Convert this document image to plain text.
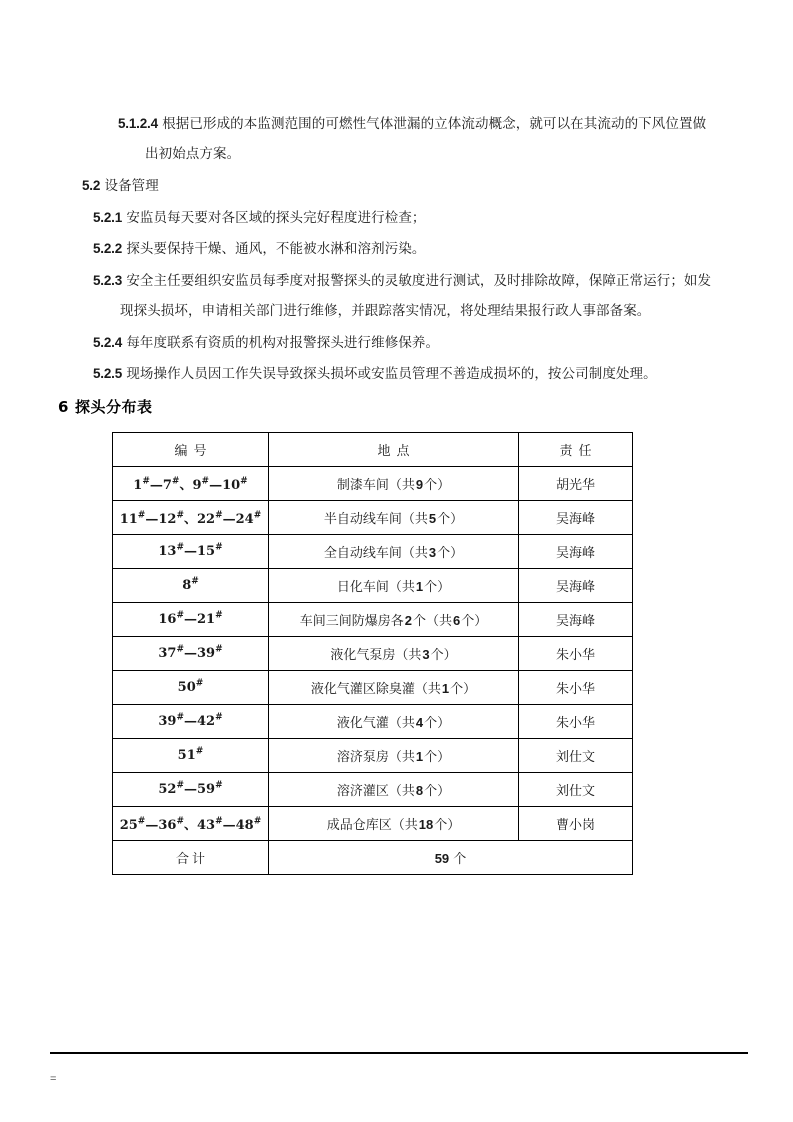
5.1.2.4 根据已形成的本监测范围的可燃性气体泄漏的立体流动概念，就可以在其流动的下风位置做
出初始点方案。
5.2 设备管理
5.2.1 安监员每天要对各区域的探头完好程度进行检查；
5.2.2 探头要保持干燥、通风，不能被水淋和溶剂污染。
5.2.3 安全主任要组织安监员每季度对报警探头的灵敏度进行测试，及时排除故障，保障正常运行；如发
现探头损坏，申请相关部门进行维修，并跟踪落实情况，将处理结果报行政人事部备案。
5.2.4 每年度联系有资质的机构对报警探头进行维修保养。
5.2.5 现场操作人员因工作失误导致探头损坏或安监员管理不善造成损坏的，按公司制度处理。
6 探头分布表
编号	地点	责任
1#—7#、9#—10#	制漆车间（共9个）	胡光华
11#—12#、22#—24#	半自动线车间（共5个）	吴海峰
13#—15#	全自动线车间（共3个）	吴海峰
8#	日化车间（共1个）	吴海峰
16#—21#	车间三间防爆房各2个（共6个）	吴海峰
37#—39#	液化气泵房（共3个）	朱小华
50#	液化气灌区除臭灌（共1个）	朱小华
39#—42#	液化气灌（共4个）	朱小华
51#	溶济泵房（共1个）	刘仕文
52#—59#	溶济灌区（共8个）	刘仕文
25#—36#、43#—48#	成品仓库区（共18个）	曹小岗
合计	59 个	
=
